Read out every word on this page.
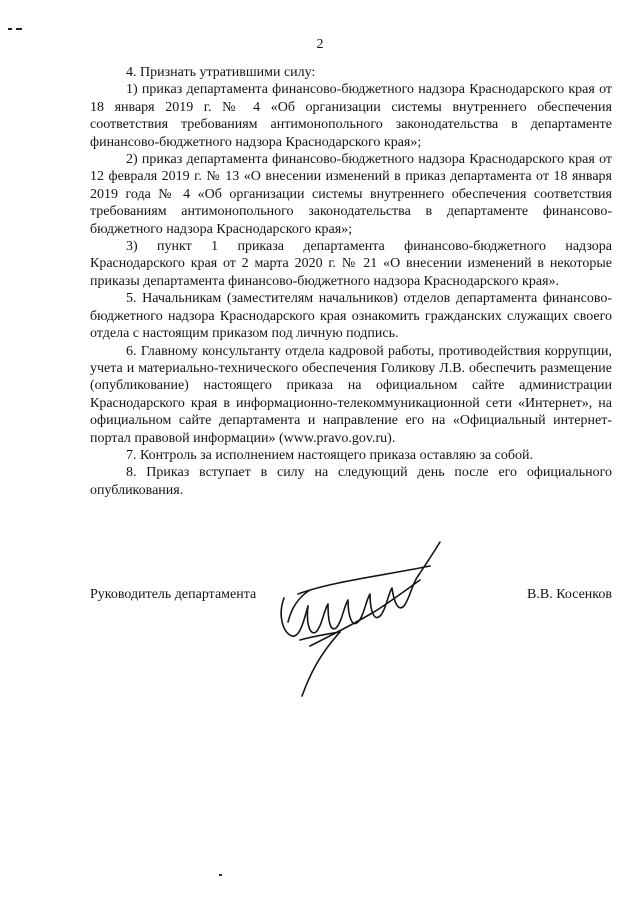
2

4. Признать утратившими силу:

1) приказ департамента финансово-бюджетного надзора Краснодарского края от 18 января 2019 г. № 4 «Об организации системы внутреннего обеспечения соответствия требованиям антимонопольного законодательства в департаменте финансово-бюджетного надзора Краснодарского края»;

2) приказ департамента финансово-бюджетного надзора Краснодарского края от 12 февраля 2019 г. № 13 «О внесении изменений в приказ департамента от 18 января 2019 года № 4 «Об организации системы внутреннего обеспечения соответствия требованиям антимонопольного законодательства в департаменте финансово-бюджетного надзора Краснодарского края»;

3) пункт 1 приказа департамента финансово-бюджетного надзора Краснодарского края от 2 марта 2020 г. № 21 «О внесении изменений в некоторые приказы департамента финансово-бюджетного надзора Краснодарского края».

5. Начальникам (заместителям начальников) отделов департамента финансово-бюджетного надзора Краснодарского края ознакомить гражданских служащих своего отдела с настоящим приказом под личную подпись.

6. Главному консультанту отдела кадровой работы, противодействия коррупции, учета и материально-технического обеспечения Голикову Л.В. обеспечить размещение (опубликование) настоящего приказа на официальном сайте администрации Краснодарского края в информационно-телекоммуникационной сети «Интернет», на официальном сайте департамента и направление его на «Официальный интернет-портал правовой информации» (www.pravo.gov.ru).

7. Контроль за исполнением настоящего приказа оставляю за собой.

8. Приказ вступает в силу на следующий день после его официального опубликования.

Руководитель департамента	В.В. Косенков
